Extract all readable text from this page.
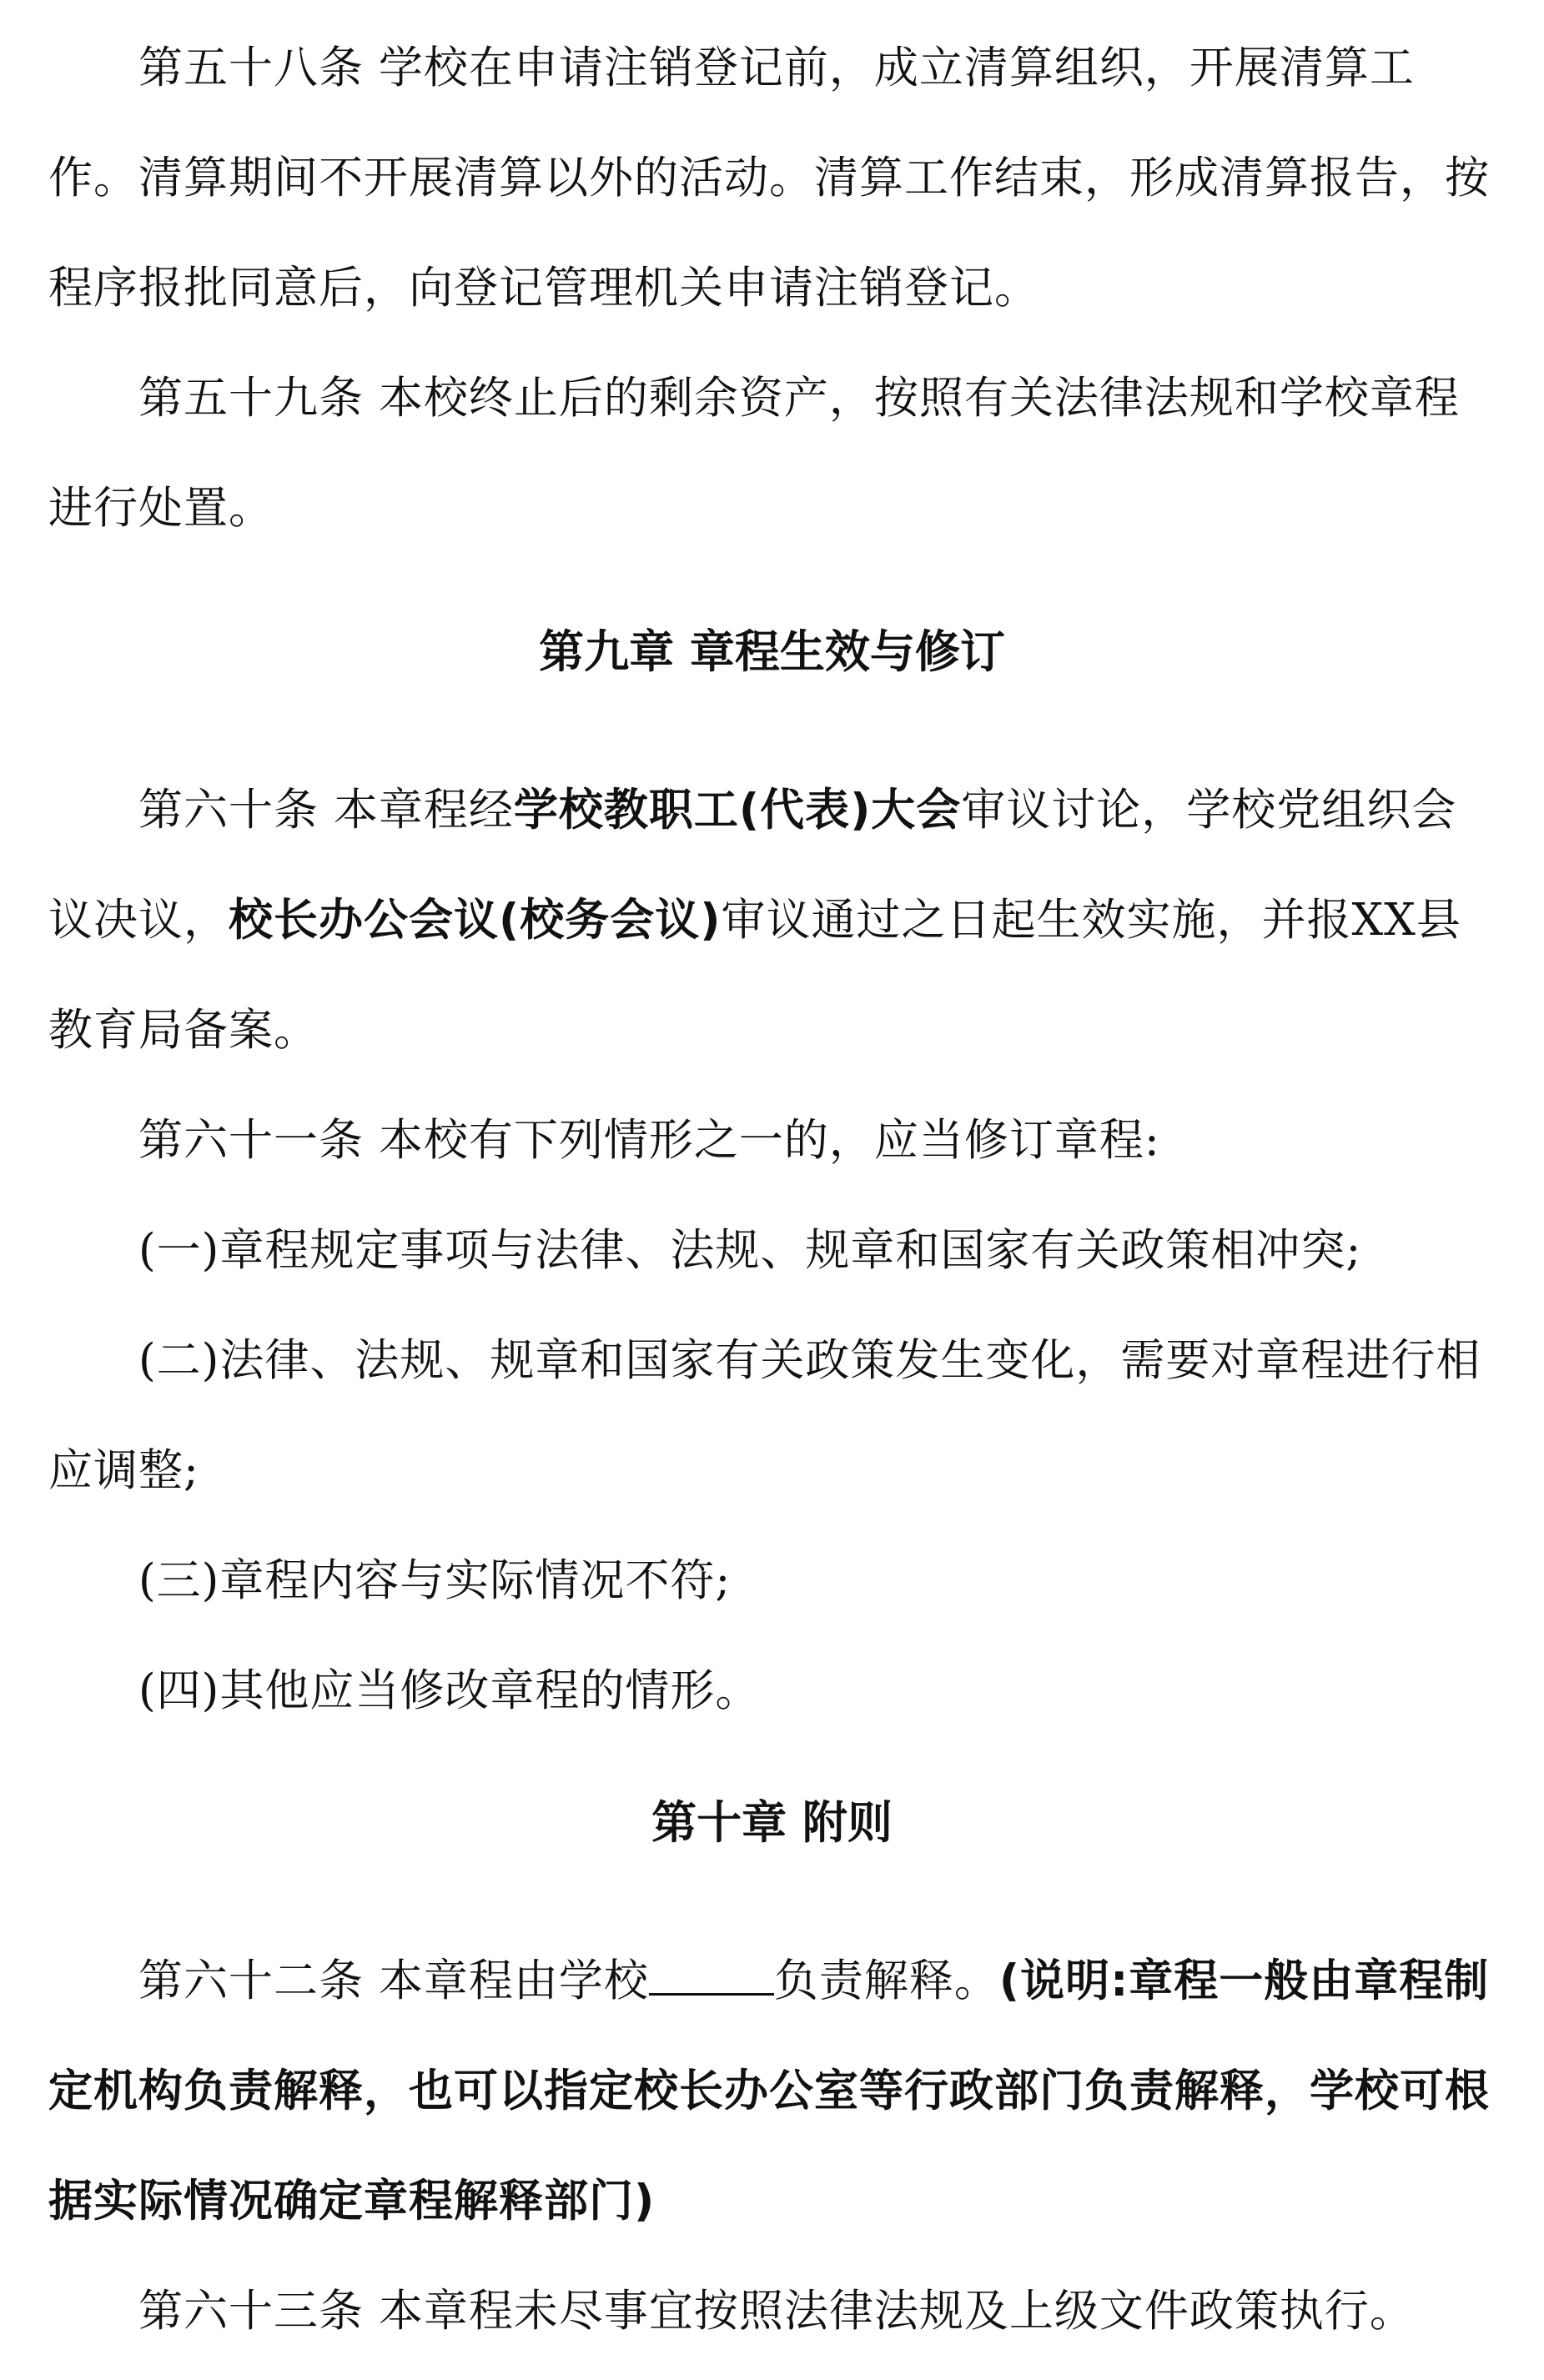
第五十八条 学校在申请注销登记前，成立清算组织，开展清算工作。清算期间不开展清算以外的活动。清算工作结束，形成清算报告，按程序报批同意后，向登记管理机关申请注销登记。

第五十九条 本校终止后的剩余资产，按照有关法律法规和学校章程进行处置。

第九章 章程生效与修订

第六十条 本章程经学校教职工(代表)大会审议讨论，学校党组织会议决议，校长办公会议(校务会议)审议通过之日起生效实施，并报XX县教育局备案。

第六十一条 本校有下列情形之一的，应当修订章程:

(一)章程规定事项与法律、法规、规章和国家有关政策相冲突;

(二)法律、法规、规章和国家有关政策发生变化，需要对章程进行相应调整;

(三)章程内容与实际情况不符;

(四)其他应当修改章程的情形。

第十章 附则

第六十二条 本章程由学校	负责解释。(说明:章程一般由章程制定机构负责解释，也可以指定校长办公室等行政部门负责解释，学校可根据实际情况确定章程解释部门)

第六十三条 本章程未尽事宜按照法律法规及上级文件政策执行。
